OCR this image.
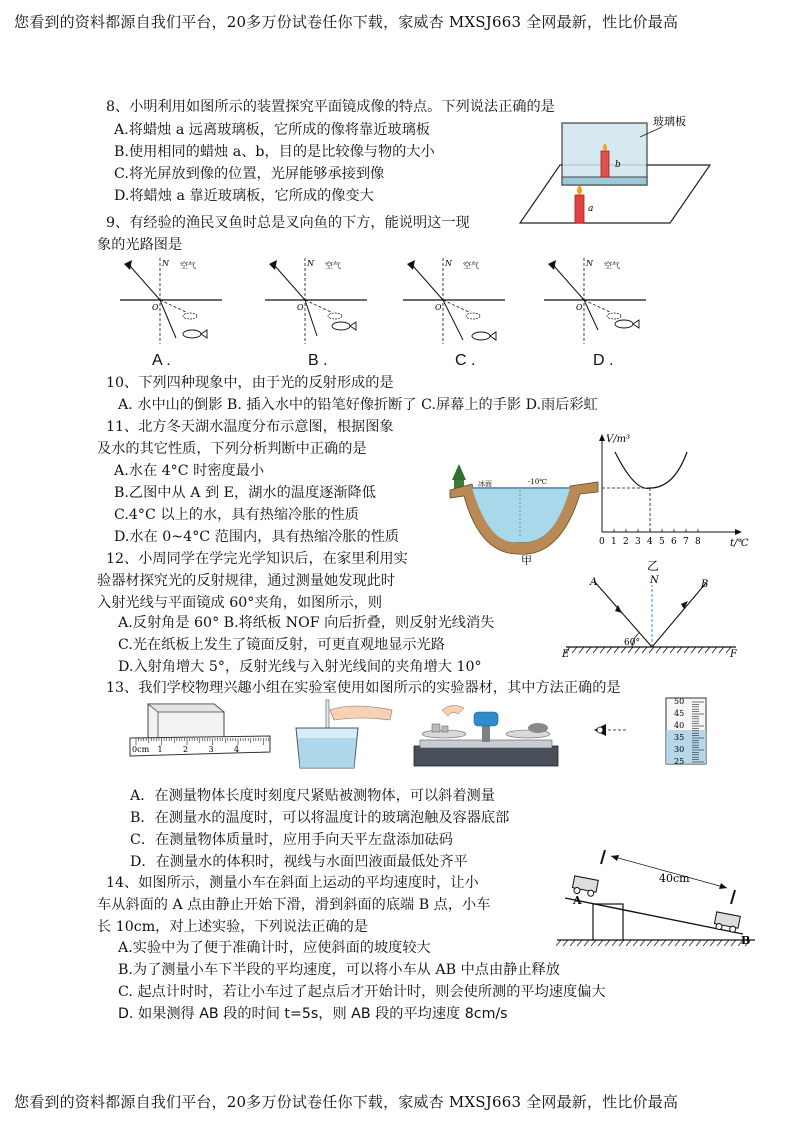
您看到的资料都源自我们平台，20多万份试卷任你下载，家威杏 MXSJ663 全网最新，性比价最高
您看到的资料都源自我们平台，20多万份试卷任你下载，家威杏 MXSJ663 全网最新，性比价最高
8、小明利用如图所示的装置探究平面镜成像的特点。下列说法正确的是
A.将蜡烛 a 远离玻璃板，它所成的像将靠近玻璃板
B.使用相同的蜡烛 a、b，目的是比较像与物的大小
C.将光屏放到像的位置，光屏能够承接到像
D.将蜡烛 a 靠近玻璃板，它所成的像变大
玻璃板
b
a
9、有经验的渔民叉鱼时总是叉向鱼的下方，能说明这一现
象的光路图是
N 空气
O
N 空气
O
N 空气
O
N 空气
O
A .	B .	C .	D .
10、下列四种现象中，由于光的反射形成的是
A. 水中山的倒影 B. 插入水中的铅笔好像折断了 C.屏幕上的手影 D.雨后彩虹
11、北方冬天湖水温度分布示意图，根据图象
及水的其它性质，下列分析判断中正确的是
A.水在 4°C 时密度最小
B.乙图中从 A 到 E，湖水的温度逐渐降低
C.4°C 以上的水，具有热缩冷胀的性质
D.水在 0~4°C 范围内，具有热缩冷胀的性质
冰面	-10℃
甲
V/m³
t/℃
0 1 2 3 4 5 6 7 8
乙
12、小周同学在学完光学知识后，在家里利用实
验器材探究光的反射规律，通过测量她发现此时
入射光线与平面镜成 60°夹角，如图所示，则
A.反射角是 60° B.将纸板 NOF 向后折叠，则反射光线消失
C.光在纸板上发生了镜面反射，可更直观地显示光路
D.入射角增大 5°，反射光线与入射光线间的夹角增大 10°
A	N	B
E	F
60°
13、我们学校物理兴趣小组在实验室使用如图所示的实验器材，其中方法正确的是
0cm 1	2	3	4
50
45
40
35
30
25
A．在测量物体长度时刻度尺紧贴被测物体，可以斜着测量
B．在测量水的温度时，可以将温度计的玻璃泡触及容器底部
C．在测量物体质量时，应用手向天平左盘添加砝码
D．在测量水的体积时，视线与水面凹液面最低处齐平
14、如图所示，测量小车在斜面上运动的平均速度时，让小
车从斜面的 A 点由静止开始下滑，滑到斜面的底端 B 点，小车
长 10cm，对上述实验，下列说法正确的是
A.实验中为了便于准确计时，应使斜面的坡度较大
B.为了测量小车下半段的平均速度，可以将小车从 AB 中点由静止释放
C. 起点计时时，若让小车过了起点后才开始计时，则会使所测的平均速度偏大
D. 如果测得 AB 段的时间 t=5s，则 AB 段的平均速度 8cm/s
40cm
A
B
